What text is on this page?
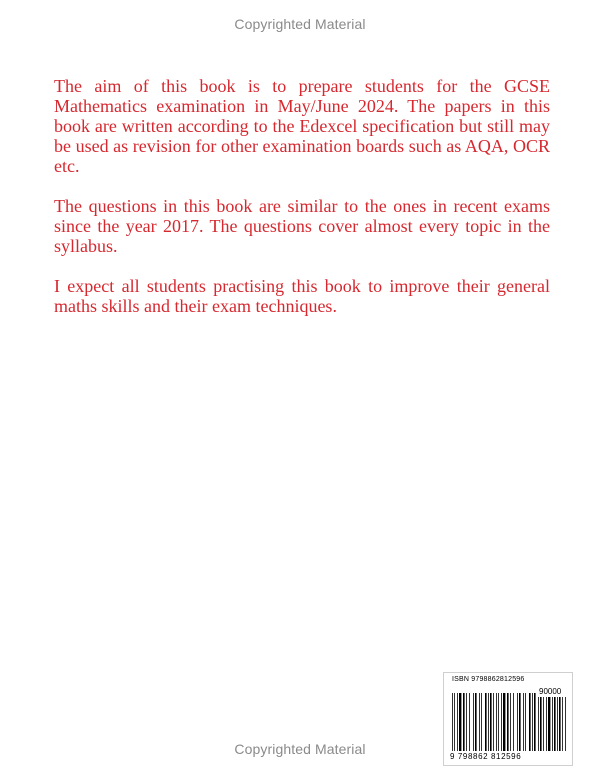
Copyrighted Material

The aim of this book is to prepare students for the GCSE Mathematics examination in May/June 2024. The papers in this book are written according to the Edexcel specification but still may be used as revision for other examination boards such as AQA, OCR etc.

The questions in this book are similar to the ones in recent exams since the year 2017. The questions cover almost every topic in the syllabus.

I expect all students practising this book to improve their general maths skills and their exam techniques.

ISBN 9798862812596
90000
9 798862 812596
Copyrighted Material
